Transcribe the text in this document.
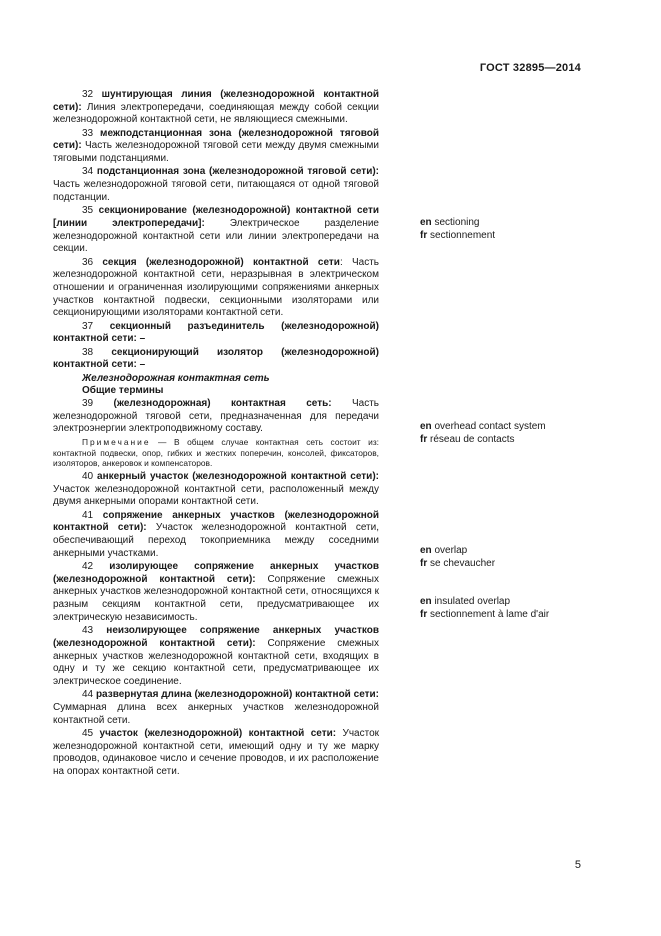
ГОСТ 32895—2014

32 шунтирующая линия (железнодорожной контактной сети): Линия электропередачи, соединяющая между собой секции железнодорожной контактной сети, не являющиеся смежными.

33 межподстанционная зона (железнодорожной тяговой сети): Часть железнодорожной тяговой сети между двумя смежными тяговыми подстанциями.

34 подстанционная зона (железнодорожной тяговой сети): Часть железнодорожной тяговой сети, питающаяся от одной тяговой подстанции.

35 секционирование (железнодорожной) контактной сети [линии электропередачи]: Электрическое разделение железнодорожной контактной сети или линии электропередачи на секции.

36 секция (железнодорожной) контактной сети: Часть железнодорожной контактной сети, неразрывная в электрическом отношении и ограниченная изолирующими сопряжениями анкерных участков контактной подвески, секционными изоляторами или секционирующими изоляторами контактной сети.

37 секционный разъединитель (железнодорожной) контактной сети: –

38 секционирующий изолятор (железнодорожной) контактной сети: –

Железнодорожная контактная сеть

Общие термины

39 (железнодорожная) контактная сеть: Часть железнодорожной тяговой сети, предназначенная для передачи электроэнергии электроподвижному составу.

Примечание — В общем случае контактная сеть состоит из: контактной подвески, опор, гибких и жестких поперечин, консолей, фиксаторов, изоляторов, анкеровок и компенсаторов.

40 анкерный участок (железнодорожной контактной сети): Участок железнодорожной контактной сети, расположенный между двумя анкерными опорами контактной сети.

41 сопряжение анкерных участков (железнодорожной контактной сети): Участок железнодорожной контактной сети, обеспечивающий переход токоприемника между соседними анкерными участками.

42 изолирующее сопряжение анкерных участков (железнодорожной контактной сети): Сопряжение смежных анкерных участков железнодорожной контактной сети, относящихся к разным секциям контактной сети, предусматривающее их электрическую независимость.

43 неизолирующее сопряжение анкерных участков (железнодорожной контактной сети): Сопряжение смежных анкерных участков железнодорожной контактной сети, входящих в одну и ту же секцию контактной сети, предусматривающее их электрическое соединение.

44 развернутая длина (железнодорожной) контактной сети: Суммарная длина всех анкерных участков железнодорожной контактной сети.

45 участок (железнодорожной) контактной сети: Участок железнодорожной контактной сети, имеющий одну и ту же марку проводов, одинаковое число и сечение проводов, и их расположение на опорах контактной сети.

en sectioning
fr sectionnement
en overhead contact system
fr réseau de contacts
en overlap
fr se chevaucher
en insulated overlap
fr sectionnement à lame d'air
5
